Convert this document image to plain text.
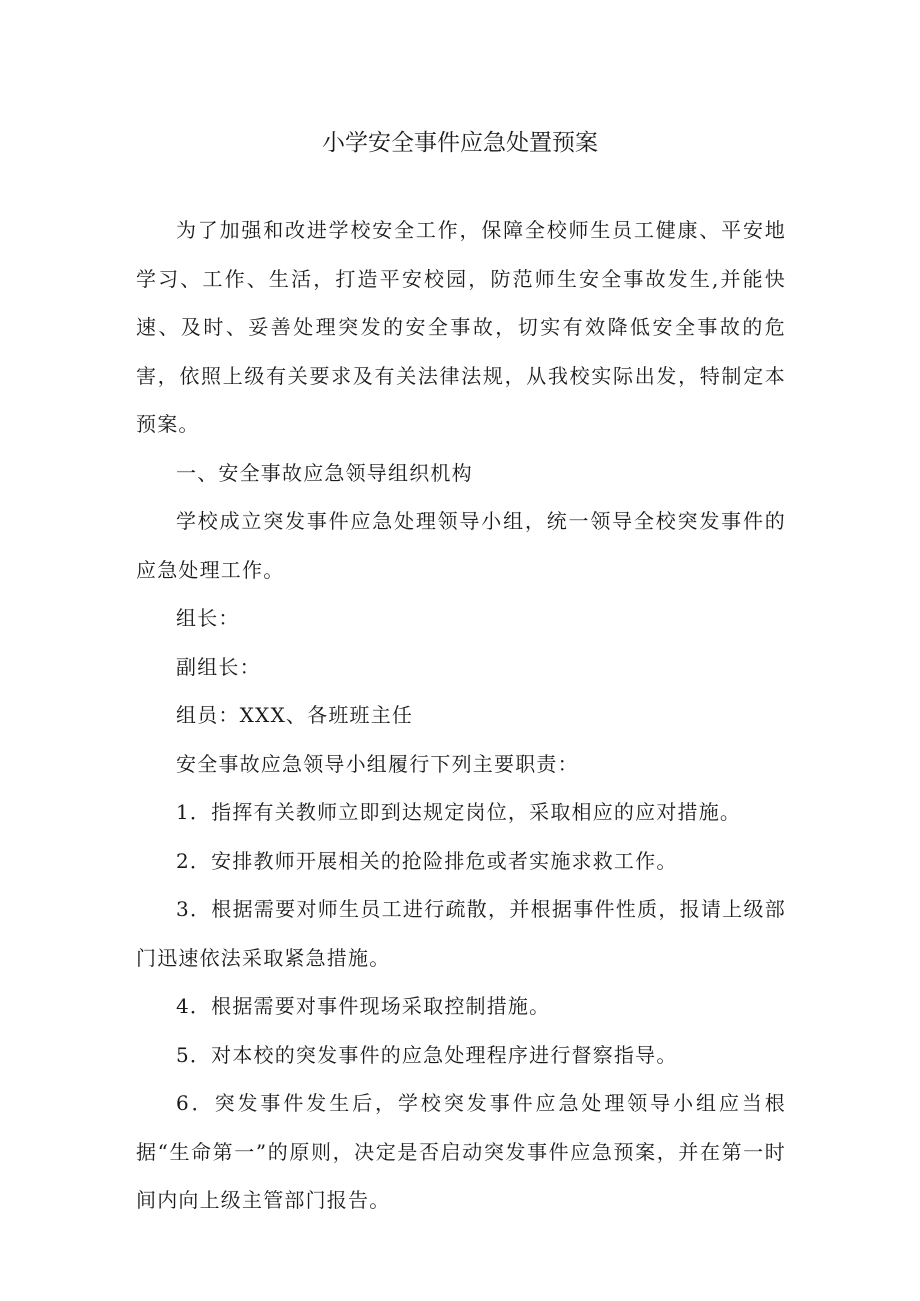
小学安全事件应急处置预案

为了加强和改进学校安全工作，保障全校师生员工健康、平安地学习、工作、生活，打造平安校园，防范师生安全事故发生,并能快速、及时、妥善处理突发的安全事故，切实有效降低安全事故的危害，依照上级有关要求及有关法律法规，从我校实际出发，特制定本预案。

一、安全事故应急领导组织机构

学校成立突发事件应急处理领导小组，统一领导全校突发事件的应急处理工作。

组长：

副组长：

组员：XXX、各班班主任

安全事故应急领导小组履行下列主要职责：

1．指挥有关教师立即到达规定岗位，采取相应的应对措施。

2．安排教师开展相关的抢险排危或者实施求救工作。

3．根据需要对师生员工进行疏散，并根据事件性质，报请上级部门迅速依法采取紧急措施。

4．根据需要对事件现场采取控制措施。

5．对本校的突发事件的应急处理程序进行督察指导。

6．突发事件发生后，学校突发事件应急处理领导小组应当根据“生命第一”的原则，决定是否启动突发事件应急预案，并在第一时间内向上级主管部门报告。
